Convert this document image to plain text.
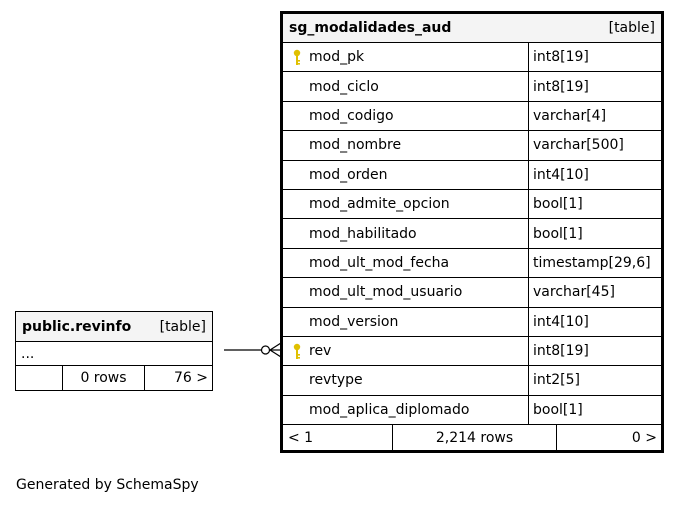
sg_modalidades_aud	[table]
mod_pk	int8[19]
mod_ciclo	int8[19]
mod_codigo	varchar[4]
mod_nombre	varchar[500]
mod_orden	int4[10]
mod_admite_opcion	bool[1]
mod_habilitado	bool[1]
mod_ult_mod_fecha	timestamp[29,6]
mod_ult_mod_usuario	varchar[45]
mod_version	int4[10]
rev	int8[19]
revtype	int2[5]
mod_aplica_diplomado	bool[1]
< 1	2,214 rows	0 >
public.revinfo [table]
...
0 rows	76 >
Generated by SchemaSpy
